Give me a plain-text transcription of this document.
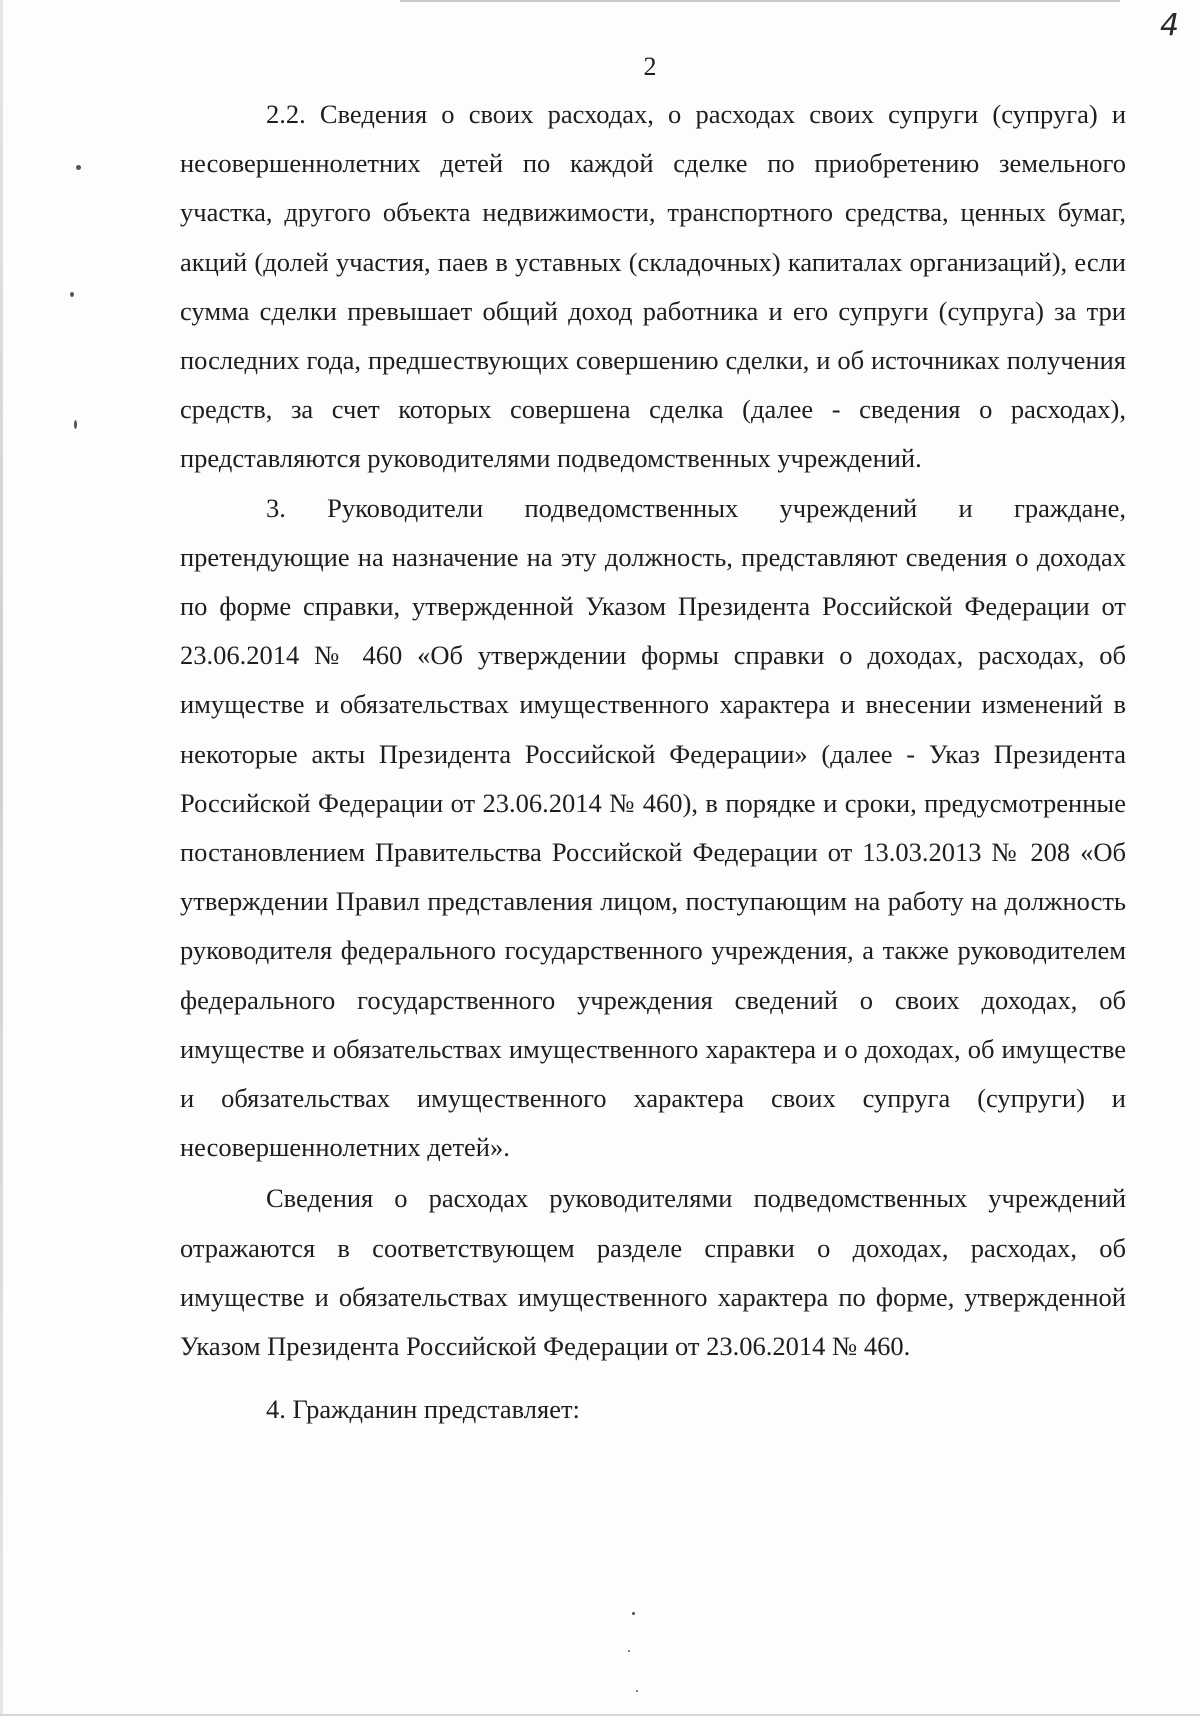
4
2

2.2. Сведения о своих расходах, о расходах своих супруги (супруга) и несовершеннолетних детей по каждой сделке по приобретению земельного участка, другого объекта недвижимости, транспортного средства, ценных бумаг, акций (долей участия, паев в уставных (складочных) капиталах организаций), если сумма сделки превышает общий доход работника и его супруги (супруга) за три последних года, предшествующих совершению сделки, и об источниках получения средств, за счет которых совершена сделка (далее - сведения о расходах), представляются руководителями подведомственных учреждений.

3. Руководители подведомственных учреждений и граждане, претендующие на назначение на эту должность, представляют сведения о доходах по форме справки, утвержденной Указом Президента Российской Федерации от 23.06.2014 № 460 «Об утверждении формы справки о доходах, расходах, об имуществе и обязательствах имущественного характера и внесении изменений в некоторые акты Президента Российской Федерации» (далее - Указ Президента Российской Федерации от 23.06.2014 № 460), в порядке и сроки, предусмотренные постановлением Правительства Российской Федерации от 13.03.2013 № 208 «Об утверждении Правил представления лицом, поступающим на работу на должность руководителя федерального государственного учреждения, а также руководителем федерального государственного учреждения сведений о своих доходах, об имуществе и обязательствах имущественного характера и о доходах, об имуществе и обязательствах имущественного характера своих супруга (супруги) и несовершеннолетних детей».

Сведения о расходах руководителями подведомственных учреждений отражаются в соответствующем разделе справки о доходах, расходах, об имуществе и обязательствах имущественного характера по форме, утвержденной Указом Президента Российской Федерации от 23.06.2014 № 460.

4. Гражданин представляет:
